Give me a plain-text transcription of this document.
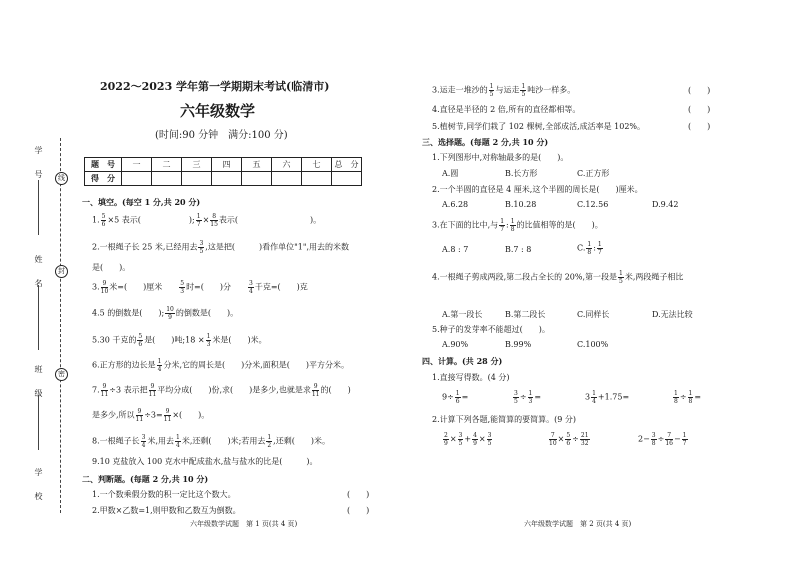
学　号
姓　名
班　级
学　校
线
封
密
2022～2023 学年第一学期期末考试(临清市)
六年级数学
(时间:90 分钟　满分:100 分)
题　号	一	二	三	四	五	六	七	总　分
得　分								
一、填空。(每空 1 分,共 20 分)
1. $\frac{5}{6} \times 5$ 表示(　　　　　　); $\frac{1}{7} \times \frac{8}{15}$ 表示(　　　　　　　　　)。
2.一根绳子长 25 米,已经用去 $\frac{3}{5}$ ,这是把(　　　)看作单位"1",用去的米数
是(　　)。
3. $\frac{9}{10}$ 米=(　　)厘米　　	$\frac{5}{3}$ 时=(　　)分　　	$\frac{3}{4}$ 千克=(　　)克
4.5 的倒数是(　　); $\frac{10}{9}$ 的倒数是(　　)。
5.30 千克的 $\frac{5}{6}$ 是(　　)吨;18 × $\frac{1}{3}$ 米是(　　)米。
6.正方形的边长是 $\frac{1}{4}$ 分米,它的周长是(　　)分米,面积是(　　)平方分米。
7. $\frac{9}{11} \div 3$ 表示把 $\frac{9}{11}$ 平均分成(　　)份,求(　　)是多少,也就是求 $\frac{9}{11}$ 的(　　)
是多少,所以 $\frac{9}{11} \div 3= \frac{9}{11}$ ×(　　)。
8.一根绳子长 $\frac{3}{4}$ 米,用去 $\frac{1}{4}$ 米,还剩(　　)米;若用去 $\frac{1}{2}$ ,还剩(　　)米。
9.10 克盐放入 100 克水中配成盐水,盐与盐水的比是(　　　)。
二、判断题。(每题 2 分,共 10 分)
1.一个数乘假分数的积一定比这个数大。	(　　)
2.甲数×乙数=1,则甲数和乙数互为倒数。	(　　)
六年级数学试题　第 1 页(共 4 页)
3.运走一堆沙的 $\frac{1}{5}$ 与运走 $\frac{1}{5}$ 吨沙一样多。	(　　)
4.直径是半径的 2 倍,所有的直径都相等。	(　　)
5.植树节,同学们栽了 102 棵树,全部成活,成活率是 102%。	(　　)
三、选择题。(每题 2 分,共 10 分)
1.下列图形中,对称轴最多的是(　　)。
A.圆	B.长方形	C.正方形
2.一个半圆的直径是 4 厘米,这个半圆的周长是(　　)厘米。
A.6.28	B.10.28	C.12.56	D.9.42
3.在下面的比中,与 $\frac{1}{7}$ : $\frac{1}{8}$ 的比值相等的是(　　)。
A.8 : 7	B.7 : 8	C. $\frac{1}{8}$ : $\frac{1}{7}$
4.一根绳子剪成两段,第二段占全长的 20%,第一段是 $\frac{1}{5}$ 米,两段绳子相比
A.第一段长	B.第二段长	C.同样长	D.无法比较
5.种子的发芽率不能超过(　　)。
A.90%	B.99%	C.100%
四、计算。(共 28 分)
1.直接写得数。(4 分)
$9\div \frac{1}{6}$ =	$\frac{3}{5} \div \frac{1}{3}$ =	$3 \frac{1}{4} +1.75=$	$\frac{1}{8} \div \frac{1}{8}$ =
2.计算下列各题,能简算的要简算。(9 分)
$\frac{2}{9} \times \frac{3}{5} + \frac{4}{9} \times \frac{3}{5}$	$\frac{7}{10} \times \frac{5}{6} \div \frac{21}{32}$	$2- \frac{3}{8} \div \frac{7}{16} - \frac{1}{7}$
六年级数学试题　第 2 页(共 4 页)
